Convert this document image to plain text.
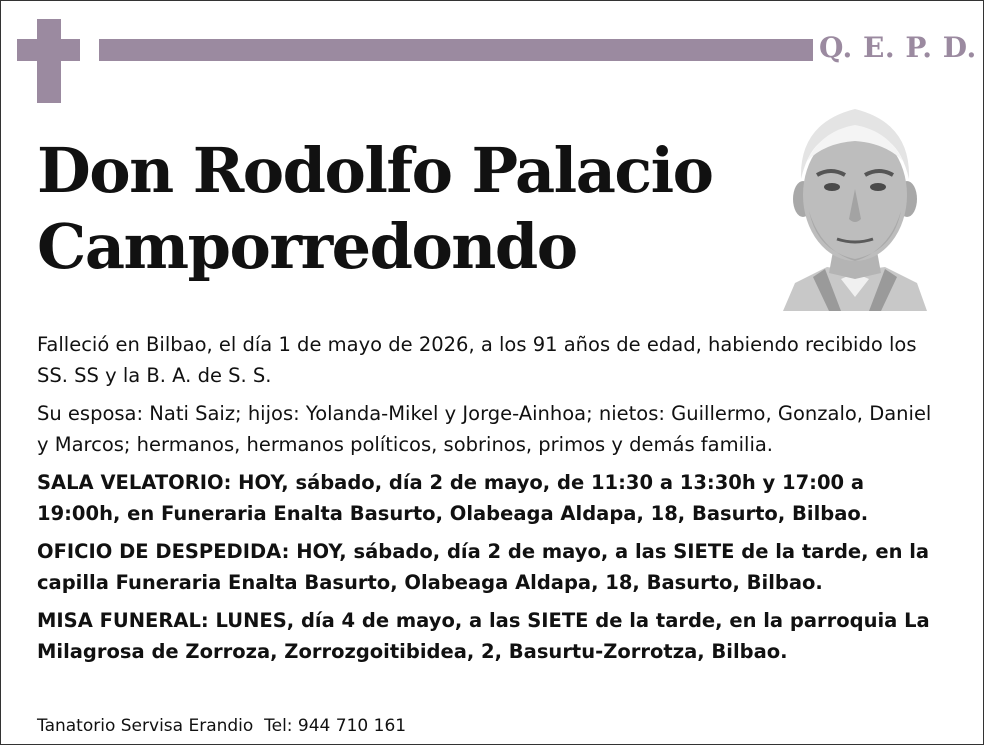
Q. E. P. D.
Don Rodolfo Palacio
Camporredondo

Falleció en Bilbao, el día 1 de mayo de 2026, a los 91 años de edad, habiendo recibido los SS. SS y la B. A. de S. S.

Su esposa: Nati Saiz; hijos: Yolanda-Mikel y Jorge-Ainhoa; nietos: Guillermo, Gonzalo, Daniel y Marcos; hermanos, hermanos políticos, sobrinos, primos y demás familia.

SALA VELATORIO: HOY, sábado, día 2 de mayo, de 11:30 a 13:30h y 17:00 a 19:00h, en Funeraria Enalta Basurto, Olabeaga Aldapa, 18, Basurto, Bilbao.

OFICIO DE DESPEDIDA: HOY, sábado, día 2 de mayo, a las SIETE de la tarde, en la capilla Funeraria Enalta Basurto, Olabeaga Aldapa, 18, Basurto, Bilbao.

MISA FUNERAL: LUNES, día 4 de mayo, a las SIETE de la tarde, en la parroquia La Milagrosa de Zorroza, Zorrozgoitibidea, 2, Basurtu-Zorrotza, Bilbao.

Tanatorio Servisa Erandio  Tel: 944 710 161
